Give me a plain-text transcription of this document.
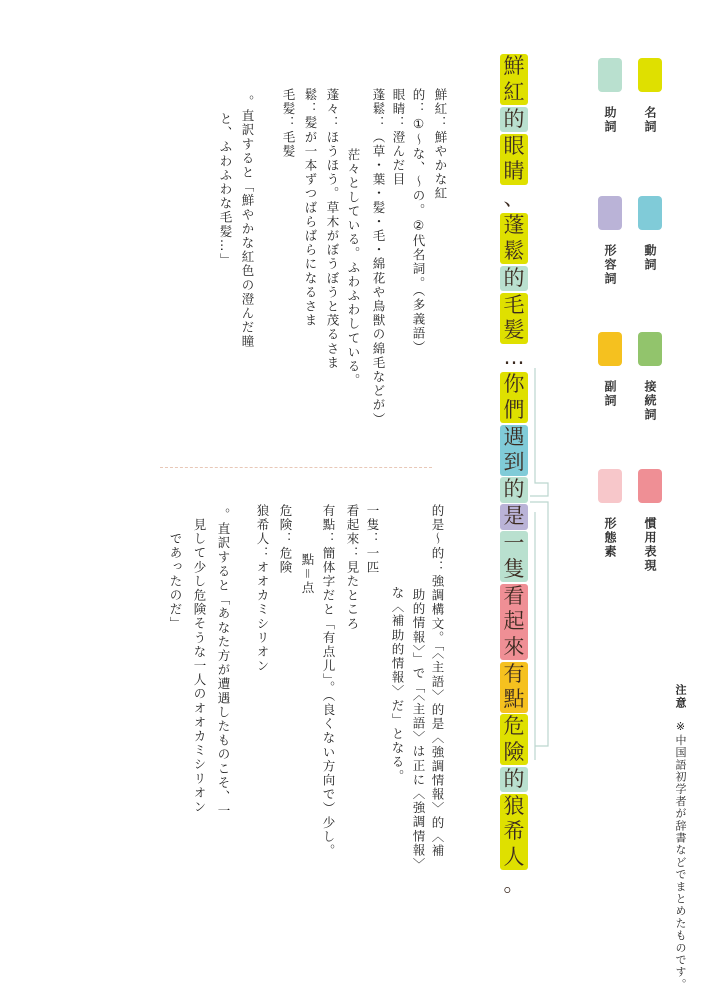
名詞
助詞
動詞
形容詞
接続詞
副詞
慣用表現
形態素
鮮
紅
的
眼
睛
、
蓬
鬆
的
毛
髪
…
你
們
遇
到
的
是
一
隻
看
起
來
有
點
危
險
的
狼
希
人
。
鮮紅：鮮やかな紅
的：①～な、～の。②代名詞。（多義語）
眼睛：澄んだ目
蓬鬆：（草・葉・髪・毛・綿花や鳥獣の綿毛などが）
茫々としている。ふわふわしている。
蓬々：ほうほう。草木がぼうぼうと茂るさま
鬆：髪が一本ずつばらばらになるさま
毛髪：毛髪
。直訳すると「鮮やかな紅色の澄んだ瞳
と、ふわふわな毛髪…」
的是～的：強調構文。「〈主語〉的是〈強調情報〉的〈補
助的情報〉」で「〈主語〉は正に〈強調情報〉
な〈補助的情報〉だ」となる。
一隻：一匹
看起來：見たところ
有點：簡体字だと「有点儿」。（良くない方向で）少し。
點＝点
危険：危険
狼希人：オオカミシリオン
。直訳すると「あなた方が遭遇したものこそ、一
見して少し危険そうな一人のオオカミシリオン
であったのだ」
注意
※中国語初学者が辞書などでまとめたものです。
